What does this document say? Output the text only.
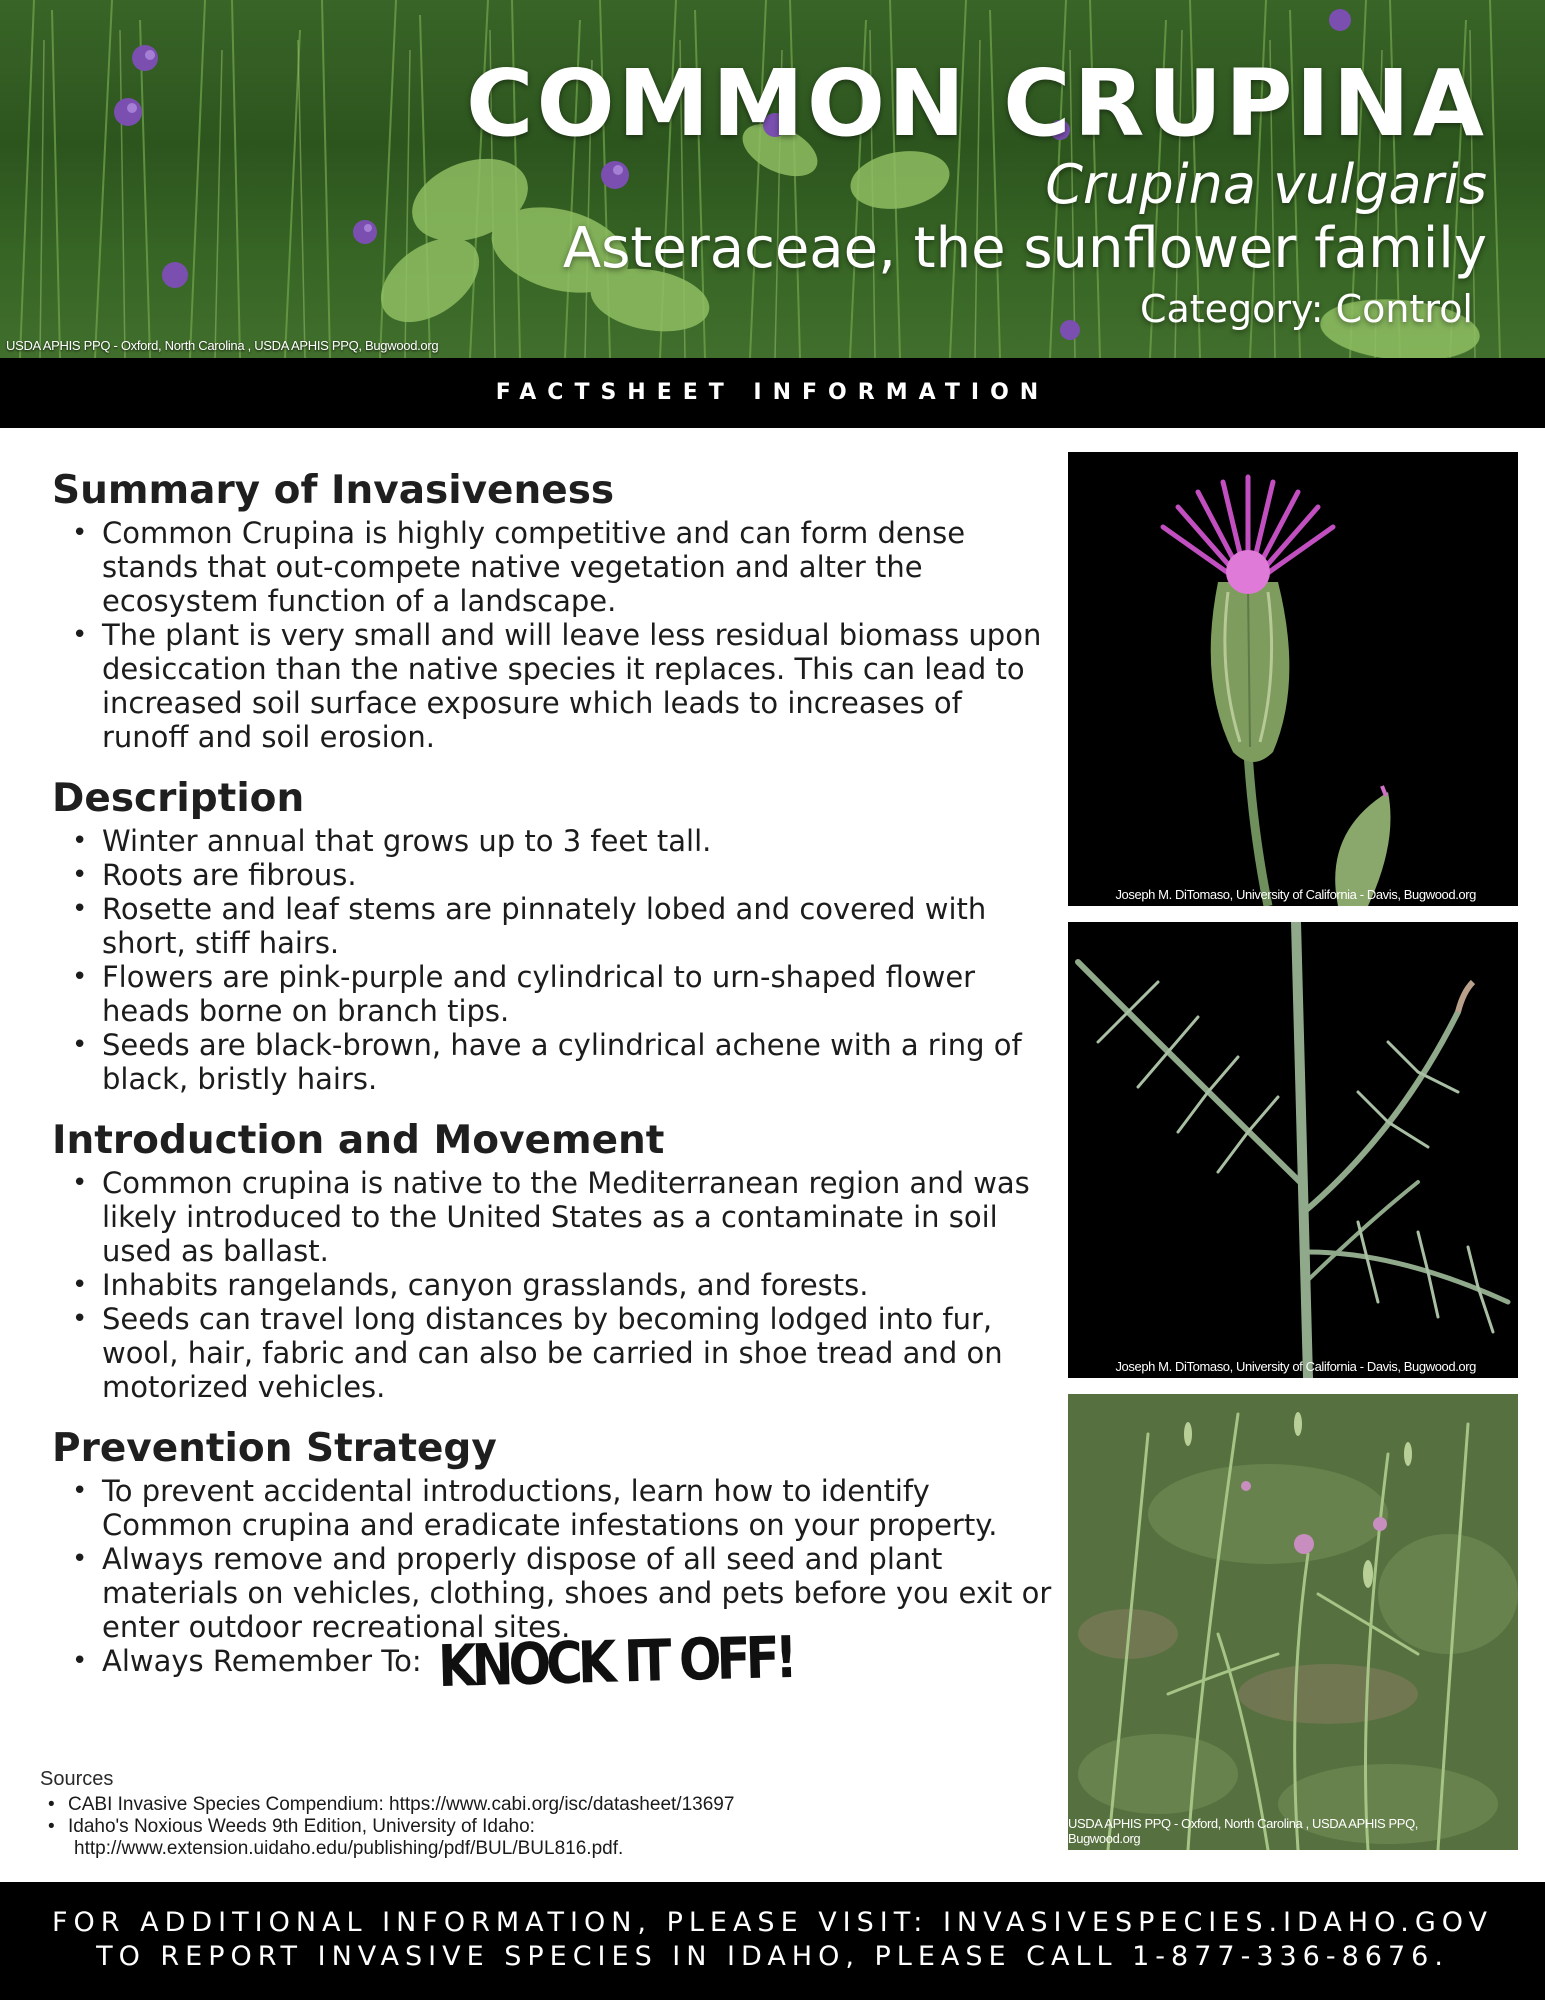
COMMON CRUPINA
Crupina vulgaris
Asteraceae, the sunflower family
Category: Control
USDA APHIS PPQ - Oxford, North Carolina , USDA APHIS PPQ, Bugwood.org
FACTSHEET INFORMATION
Summary of Invasiveness
• Common Crupina is highly competitive and can form dense stands that out-compete native vegetation and alter the ecosystem function of a landscape.
• The plant is very small and will leave less residual biomass upon desiccation than the native species it replaces. This can lead to increased soil surface exposure which leads to increases of runoff and soil erosion.
Description
• Winter annual that grows up to 3 feet tall.
• Roots are fibrous.
• Rosette and leaf stems are pinnately lobed and covered with short, stiff hairs.
• Flowers are pink-purple and cylindrical to urn-shaped flower heads borne on branch tips.
• Seeds are black-brown, have a cylindrical achene with a ring of black, bristly hairs.
Introduction and Movement
• Common crupina is native to the Mediterranean region and was likely introduced to the United States as a contaminate in soil used as ballast.
• Inhabits rangelands, canyon grasslands, and forests.
• Seeds can travel long distances by becoming lodged into fur, wool, hair, fabric and can also be carried in shoe tread and on motorized vehicles.
Prevention Strategy
• To prevent accidental introductions, learn how to identify Common crupina and eradicate infestations on your property.
• Always remove and properly dispose of all seed and plant materials on vehicles, clothing, shoes and pets before you exit or enter outdoor recreational sites.
• Always Remember To: KNOCK IT OFF!
Sources
• CABI Invasive Species Compendium: https://www.cabi.org/isc/datasheet/13697
• Idaho's Noxious Weeds 9th Edition, University of Idaho:
http://www.extension.uidaho.edu/publishing/pdf/BUL/BUL816.pdf.
Joseph M. DiTomaso, University of California - Davis, Bugwood.org
Joseph M. DiTomaso, University of California - Davis, Bugwood.org
USDA APHIS PPQ - Oxford, North Carolina , USDA APHIS PPQ, Bugwood.org
FOR ADDITIONAL INFORMATION, PLEASE VISIT: INVASIVESPECIES.IDAHO.GOV
TO REPORT INVASIVE SPECIES IN IDAHO, PLEASE CALL 1-877-336-8676.
